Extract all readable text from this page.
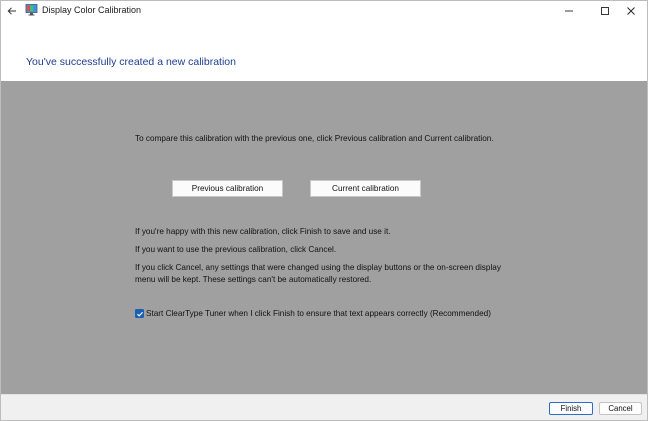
Display Color Calibration
You've successfully created a new calibration
To compare this calibration with the previous one, click Previous calibration and Current calibration.
Previous calibration	Current calibration
If you're happy with this new calibration, click Finish to save and use it.
If you want to use the previous calibration, click Cancel.
If you click Cancel, any settings that were changed using the display buttons or the on-screen display
menu will be kept. These settings can't be automatically restored.
Start ClearType Tuner when I click Finish to ensure that text appears correctly (Recommended)
Finish	Cancel
